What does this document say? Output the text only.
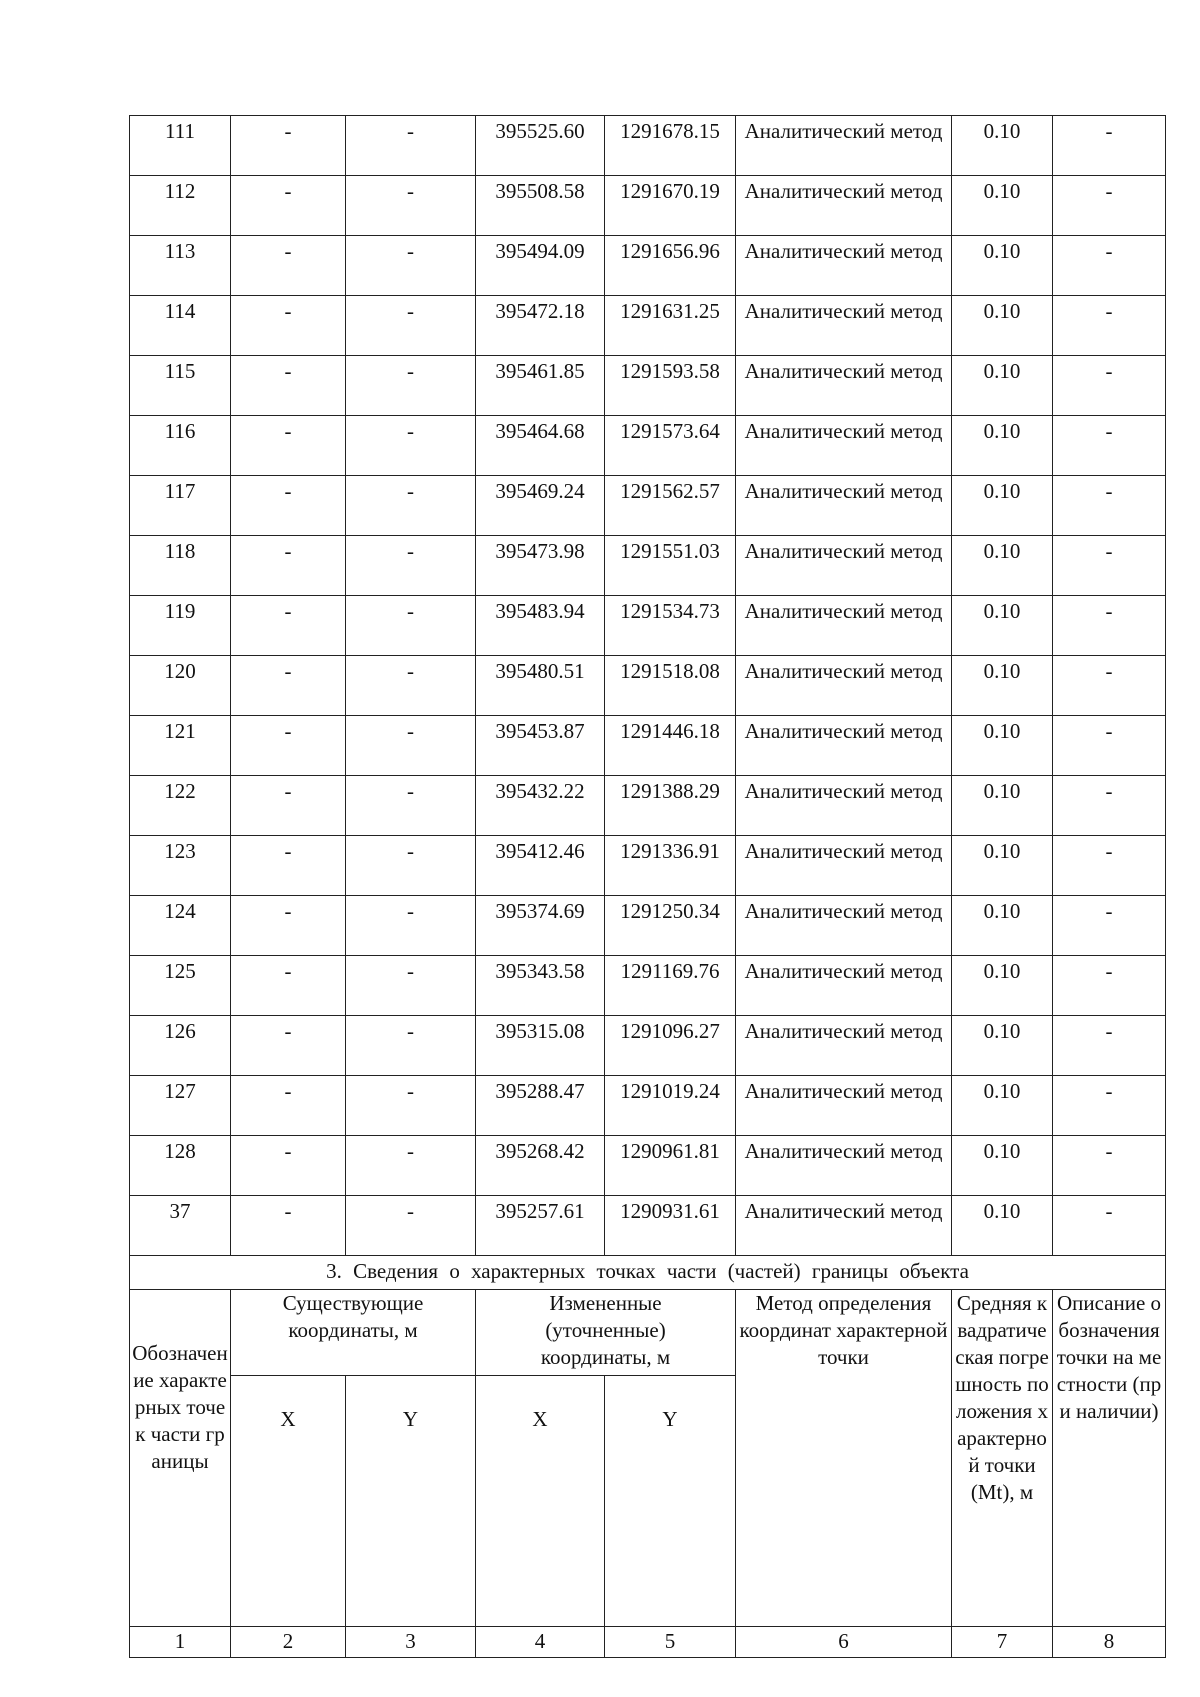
111	-	-	395525.60	1291678.15	Аналитический метод	0.10	-
112	-	-	395508.58	1291670.19	Аналитический метод	0.10	-
113	-	-	395494.09	1291656.96	Аналитический метод	0.10	-
114	-	-	395472.18	1291631.25	Аналитический метод	0.10	-
115	-	-	395461.85	1291593.58	Аналитический метод	0.10	-
116	-	-	395464.68	1291573.64	Аналитический метод	0.10	-
117	-	-	395469.24	1291562.57	Аналитический метод	0.10	-
118	-	-	395473.98	1291551.03	Аналитический метод	0.10	-
119	-	-	395483.94	1291534.73	Аналитический метод	0.10	-
120	-	-	395480.51	1291518.08	Аналитический метод	0.10	-
121	-	-	395453.87	1291446.18	Аналитический метод	0.10	-
122	-	-	395432.22	1291388.29	Аналитический метод	0.10	-
123	-	-	395412.46	1291336.91	Аналитический метод	0.10	-
124	-	-	395374.69	1291250.34	Аналитический метод	0.10	-
125	-	-	395343.58	1291169.76	Аналитический метод	0.10	-
126	-	-	395315.08	1291096.27	Аналитический метод	0.10	-
127	-	-	395288.47	1291019.24	Аналитический метод	0.10	-
128	-	-	395268.42	1290961.81	Аналитический метод	0.10	-
37	-	-	395257.61	1290931.61	Аналитический метод	0.10	-
3. Сведения о характерных точках части (частей) границы объекта							
Обозначение характерных точек части границы	Существующие координаты, м		Измененные (уточненные) координаты, м		Метод определения координат характерной точки	Средняя квадратическая погрешность положения характерной точки (Mt), м	Описание обозначения точки на местности (при наличии)
	X	Y	X	Y			
1	2	3	4	5	6	7	8
